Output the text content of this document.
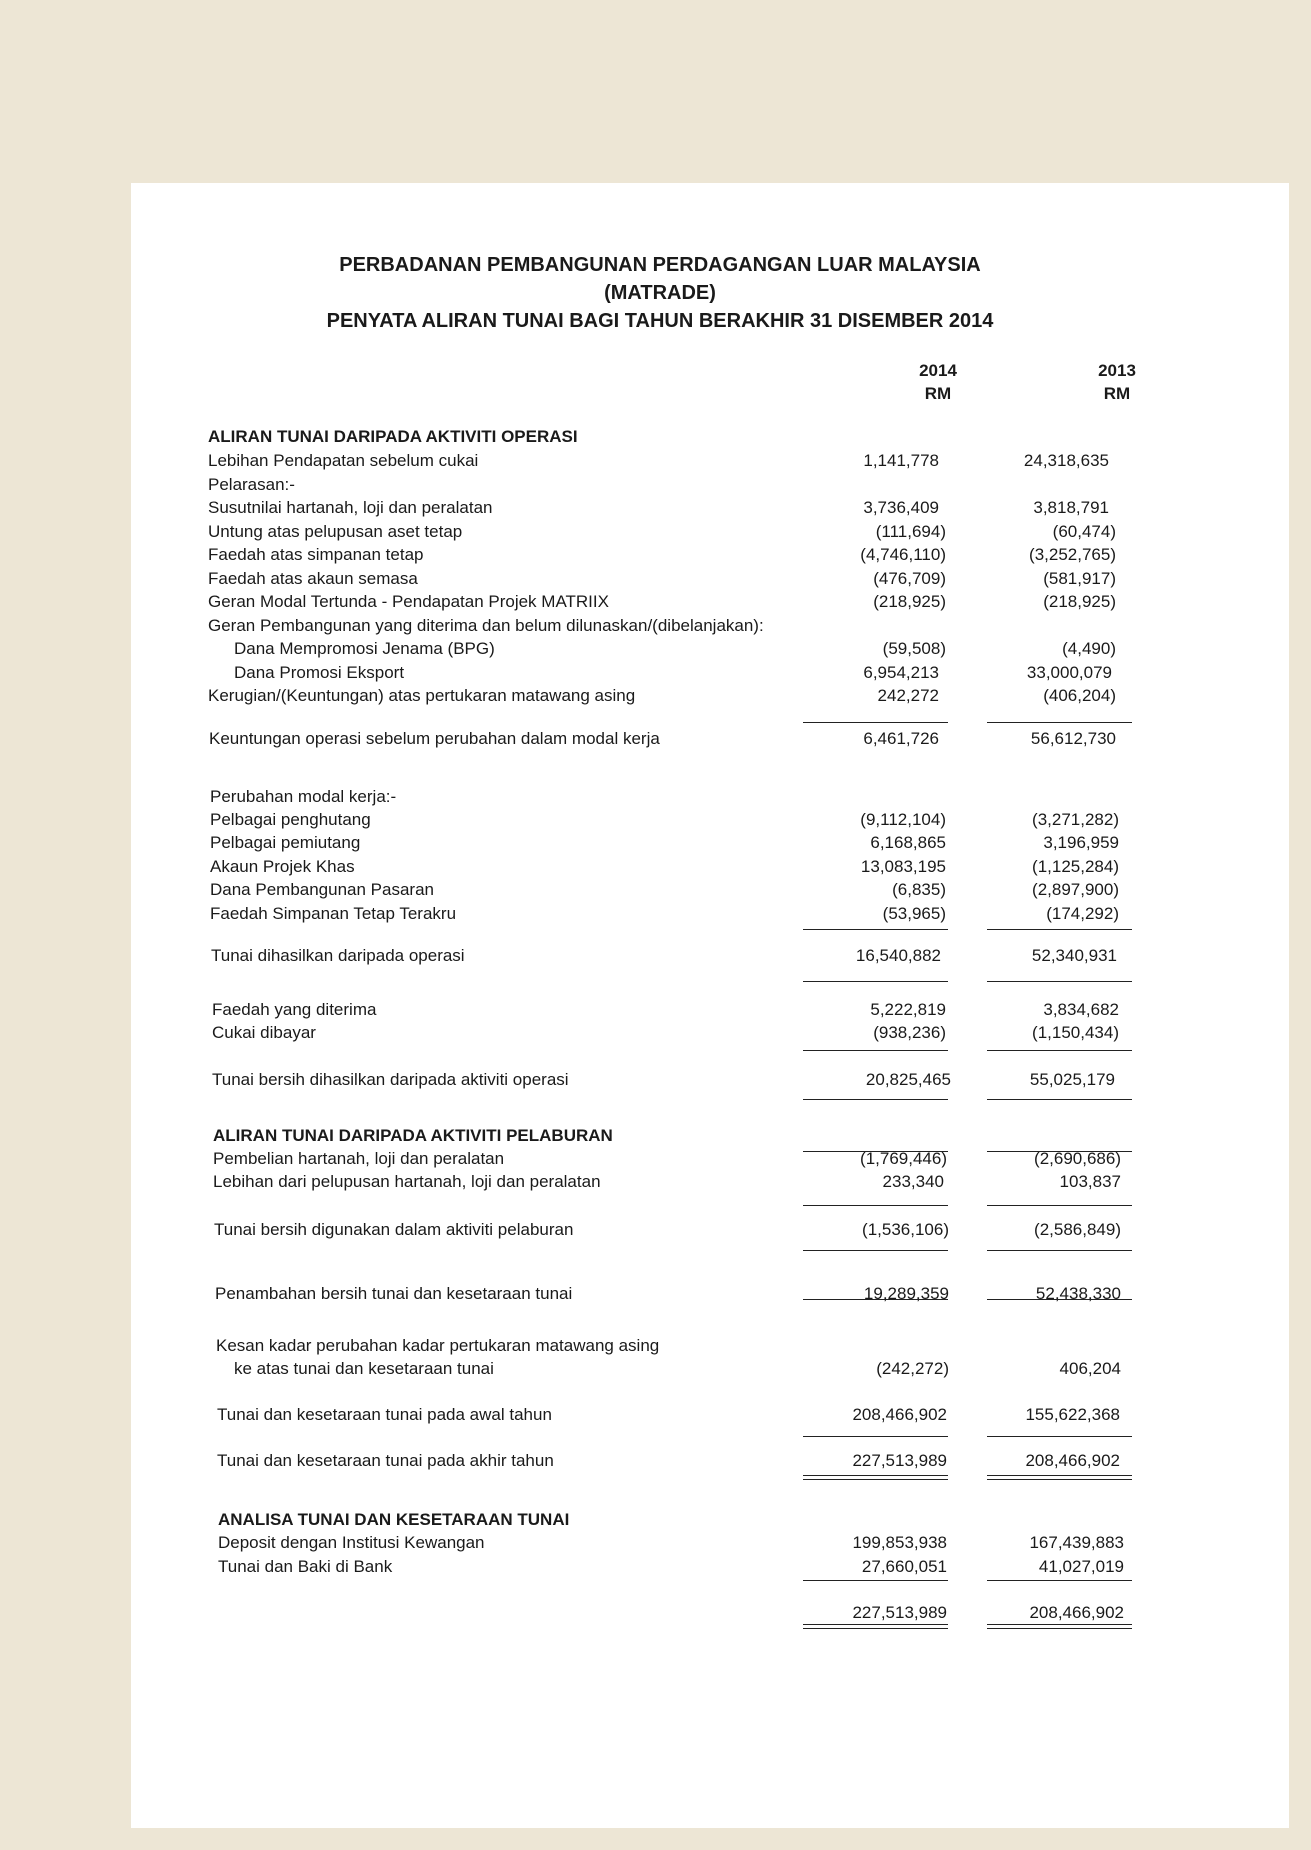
PERBADANAN PEMBANGUNAN PERDAGANGAN LUAR MALAYSIA
(MATRADE)
PENYATA ALIRAN TUNAI BAGI TAHUN BERAKHIR 31 DISEMBER 2014
2014
RM
2013
RM
ALIRAN TUNAI DARIPADA AKTIVITI OPERASI
Lebihan Pendapatan sebelum cukai	1,141,778	24,318,635
Pelarasan:-
Susutnilai hartanah, loji dan peralatan	3,736,409	3,818,791
Untung atas pelupusan aset tetap	(111,694)	(60,474)
Faedah atas simpanan tetap	(4,746,110)	(3,252,765)
Faedah atas akaun semasa	(476,709)	(581,917)
Geran Modal Tertunda - Pendapatan Projek MATRIIX	(218,925)	(218,925)
Geran Pembangunan yang diterima dan belum dilunaskan/(dibelanjakan):
Dana Mempromosi Jenama (BPG)	(59,508)	(4,490)
Dana Promosi Eksport	6,954,213	33,000,079
Kerugian/(Keuntungan) atas pertukaran matawang asing	242,272	(406,204)
Keuntungan operasi sebelum perubahan dalam modal kerja	6,461,726	56,612,730
Perubahan modal kerja:-
Pelbagai penghutang	(9,112,104)	(3,271,282)
Pelbagai pemiutang	6,168,865	3,196,959
Akaun Projek Khas	13,083,195	(1,125,284)
Dana Pembangunan Pasaran	(6,835)	(2,897,900)
Faedah Simpanan Tetap Terakru	(53,965)	(174,292)
Tunai dihasilkan daripada operasi	16,540,882	52,340,931
Faedah yang diterima	5,222,819	3,834,682
Cukai dibayar	(938,236)	(1,150,434)
Tunai bersih dihasilkan daripada aktiviti operasi	20,825,465	55,025,179
ALIRAN TUNAI DARIPADA AKTIVITI PELABURAN
Pembelian hartanah, loji dan peralatan	(1,769,446)	(2,690,686)
Lebihan dari pelupusan hartanah, loji dan peralatan	233,340	103,837
Tunai bersih digunakan dalam aktiviti pelaburan	(1,536,106)	(2,586,849)
Penambahan bersih tunai dan kesetaraan tunai	19,289,359	52,438,330
Kesan kadar perubahan kadar pertukaran matawang asing
ke atas tunai dan kesetaraan tunai	(242,272)	406,204
Tunai dan kesetaraan tunai pada awal tahun	208,466,902	155,622,368
Tunai dan kesetaraan tunai pada akhir tahun	227,513,989	208,466,902
ANALISA TUNAI DAN KESETARAAN TUNAI
Deposit dengan Institusi Kewangan	199,853,938	167,439,883
Tunai dan Baki di Bank	27,660,051	41,027,019
227,513,989	208,466,902
